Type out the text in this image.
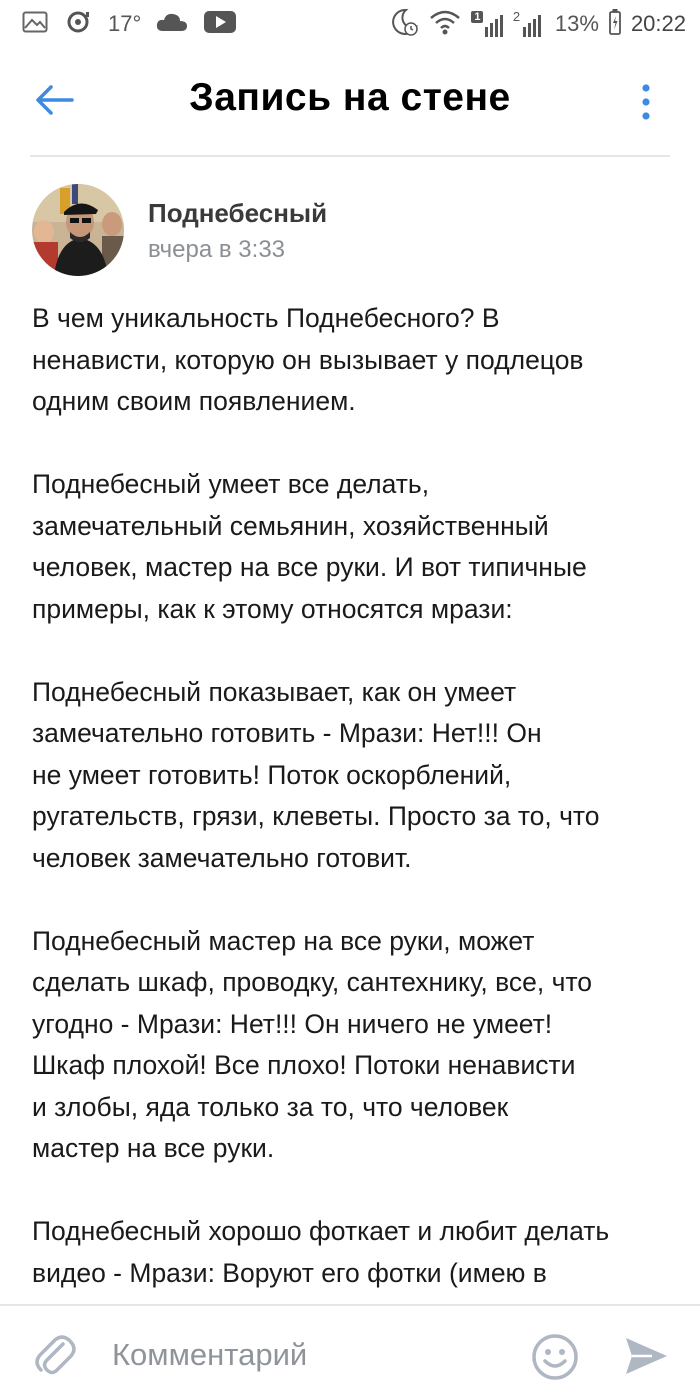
17°	1 2 13% 20:22
Запись на стене
Поднебесный
вчера в 3:33
В чем уникальность Поднебесного? В
ненависти, которую он вызывает у подлецов
одним своим появлением.
Поднебесный умеет все делать,
замечательный семьянин, хозяйственный
человек, мастер на все руки. И вот типичные
примеры, как к этому относятся мрази:
Поднебесный показывает, как он умеет
замечательно готовить - Мрази: Нет!!! Он
не умеет готовить! Поток оскорблений,
ругательств, грязи, клеветы. Просто за то, что
человек замечательно готовит.
Поднебесный мастер на все руки, может
сделать шкаф, проводку, сантехнику, все, что
угодно - Мрази: Нет!!! Он ничего не умеет!
Шкаф плохой! Все плохо! Потоки ненависти
и злобы, яда только за то, что человек
мастер на все руки.
Поднебесный хорошо фоткает и любит делать
видео - Мрази: Воруют его фотки (имею в
Комментарий
